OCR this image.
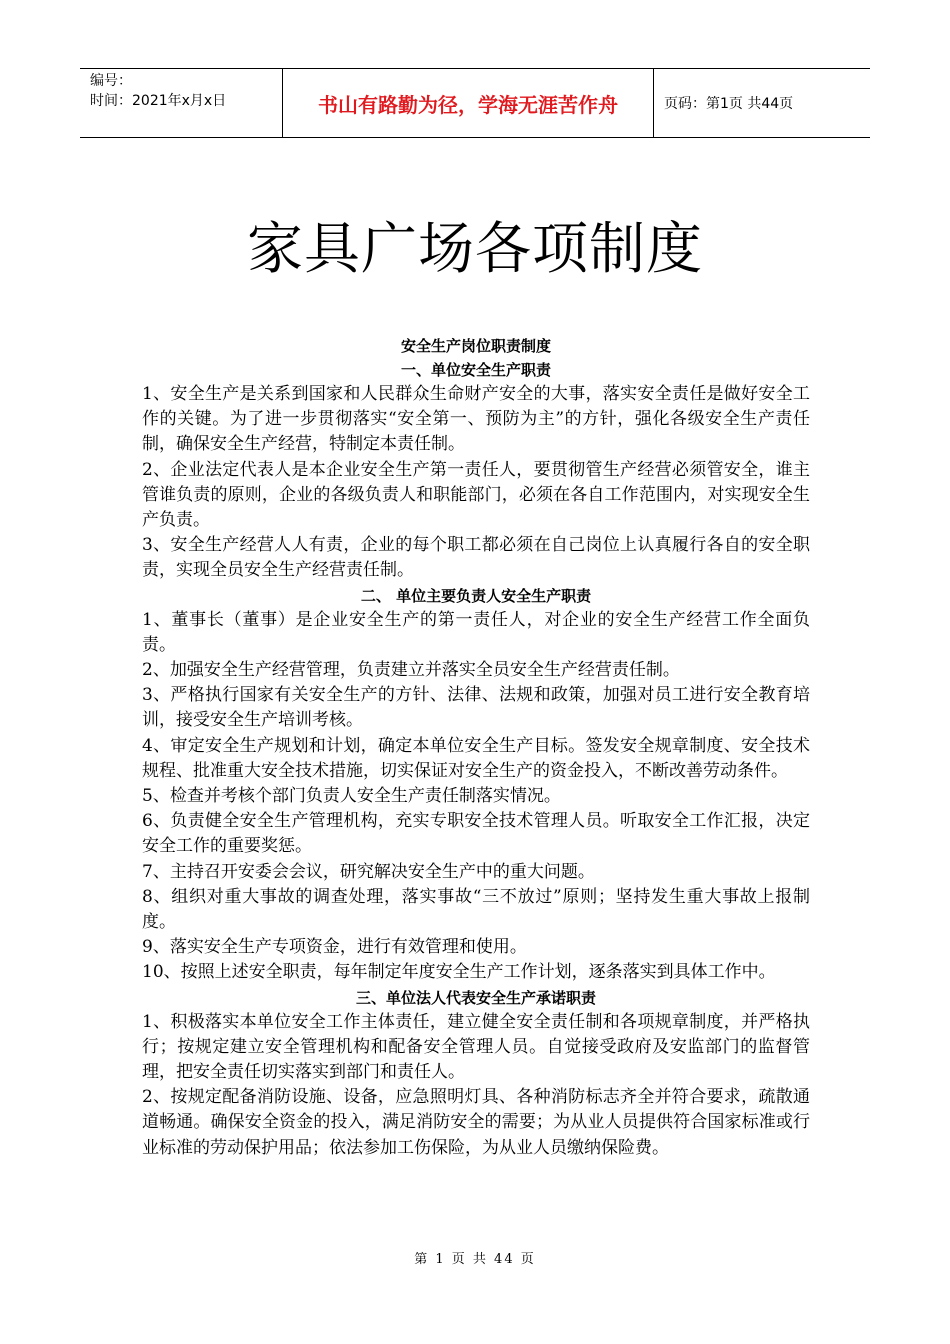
编号：
时间：2021年x月x日	书山有路勤为径，学海无涯苦作舟	页码：第1页 共44页
家具广场各项制度

安全生产岗位职责制度

一、单位安全生产职责

1、安全生产是关系到国家和人民群众生命财产安全的大事，落实安全责任是做好安全工作的关键。为了进一步贯彻落实“安全第一、预防为主”的方针，强化各级安全生产责任制，确保安全生产经营，特制定本责任制。

2、企业法定代表人是本企业安全生产第一责任人，要贯彻管生产经营必须管安全，谁主管谁负责的原则，企业的各级负责人和职能部门，必须在各自工作范围内，对实现安全生产负责。

3、安全生产经营人人有责，企业的每个职工都必须在自己岗位上认真履行各自的安全职责，实现全员安全生产经营责任制。

二、 单位主要负责人安全生产职责

1、董事长（董事）是企业安全生产的第一责任人，对企业的安全生产经营工作全面负责。

2、加强安全生产经营管理，负责建立并落实全员安全生产经营责任制。

3、严格执行国家有关安全生产的方针、法律、法规和政策，加强对员工进行安全教育培训，接受安全生产培训考核。

4、审定安全生产规划和计划，确定本单位安全生产目标。签发安全规章制度、安全技术规程、批准重大安全技术措施，切实保证对安全生产的资金投入，不断改善劳动条件。

5、检查并考核个部门负责人安全生产责任制落实情况。

6、负责健全安全生产管理机构，充实专职安全技术管理人员。听取安全工作汇报，决定安全工作的重要奖惩。

7、主持召开安委会会议，研究解决安全生产中的重大问题。

8、组织对重大事故的调查处理，落实事故“三不放过”原则；坚持发生重大事故上报制度。

9、落实安全生产专项资金，进行有效管理和使用。

10、按照上述安全职责，每年制定年度安全生产工作计划，逐条落实到具体工作中。

三、单位法人代表安全生产承诺职责

1、积极落实本单位安全工作主体责任，建立健全安全责任制和各项规章制度，并严格执行；按规定建立安全管理机构和配备安全管理人员。自觉接受政府及安监部门的监督管理，把安全责任切实落实到部门和责任人。

2、按规定配备消防设施、设备，应急照明灯具、各种消防标志齐全并符合要求，疏散通道畅通。确保安全资金的投入，满足消防安全的需要；为从业人员提供符合国家标准或行业标准的劳动保护用品；依法参加工伤保险，为从业人员缴纳保险费。

第 1 页 共 44 页
